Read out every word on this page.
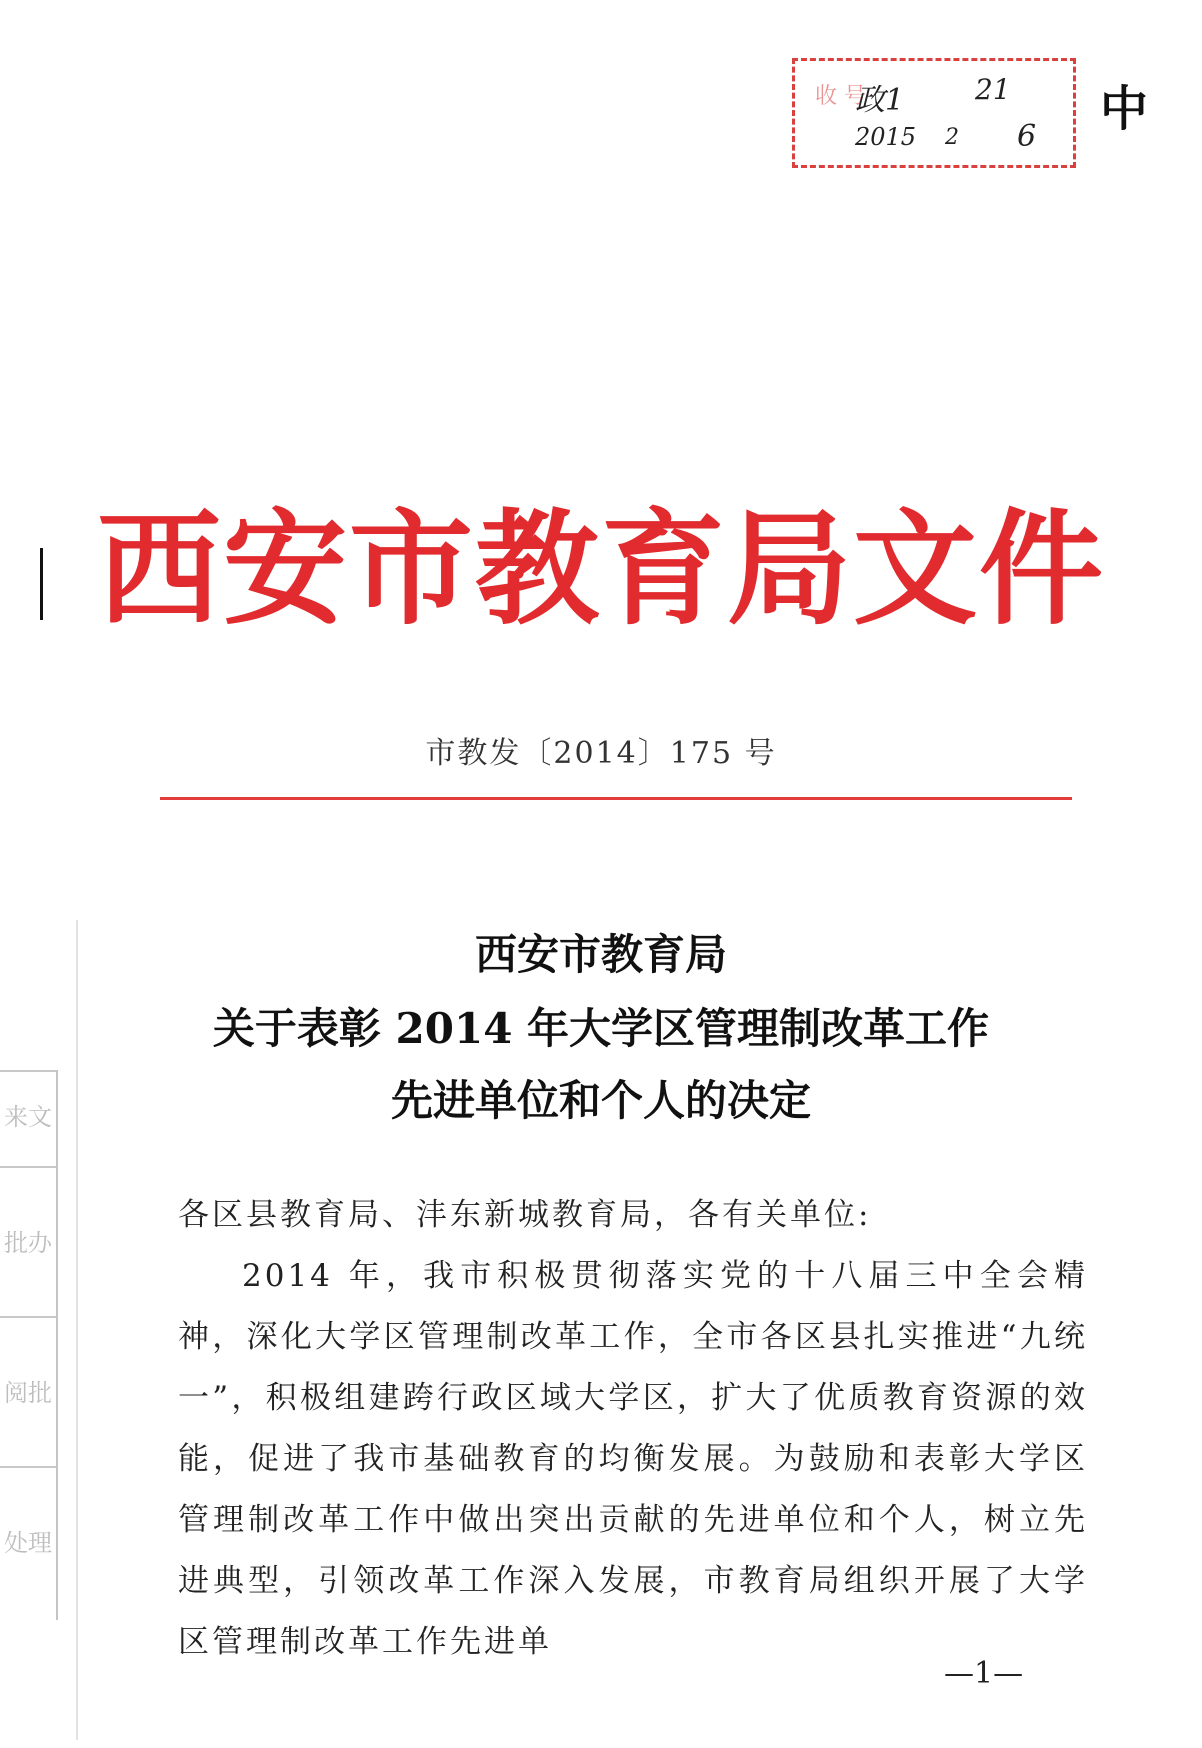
收 号
政1	21
2015 2 6 中
来文
批办
阅批
处理
西安市教育局文件
市教发〔2014〕175 号
西安市教育局
关于表彰 2014 年大学区管理制改革工作
先进单位和个人的决定
各区县教育局、沣东新城教育局，各有关单位:
2014 年，我市积极贯彻落实党的十八届三中全会精神，深化大学区管理制改革工作，全市各区县扎实推进“九统一”，积极组建跨行政区域大学区，扩大了优质教育资源的效能，促进了我市基础教育的均衡发展。为鼓励和表彰大学区管理制改革工作中做出突出贡献的先进单位和个人，树立先进典型，引领改革工作深入发展，市教育局组织开展了大学区管理制改革工作先进单
—1—
